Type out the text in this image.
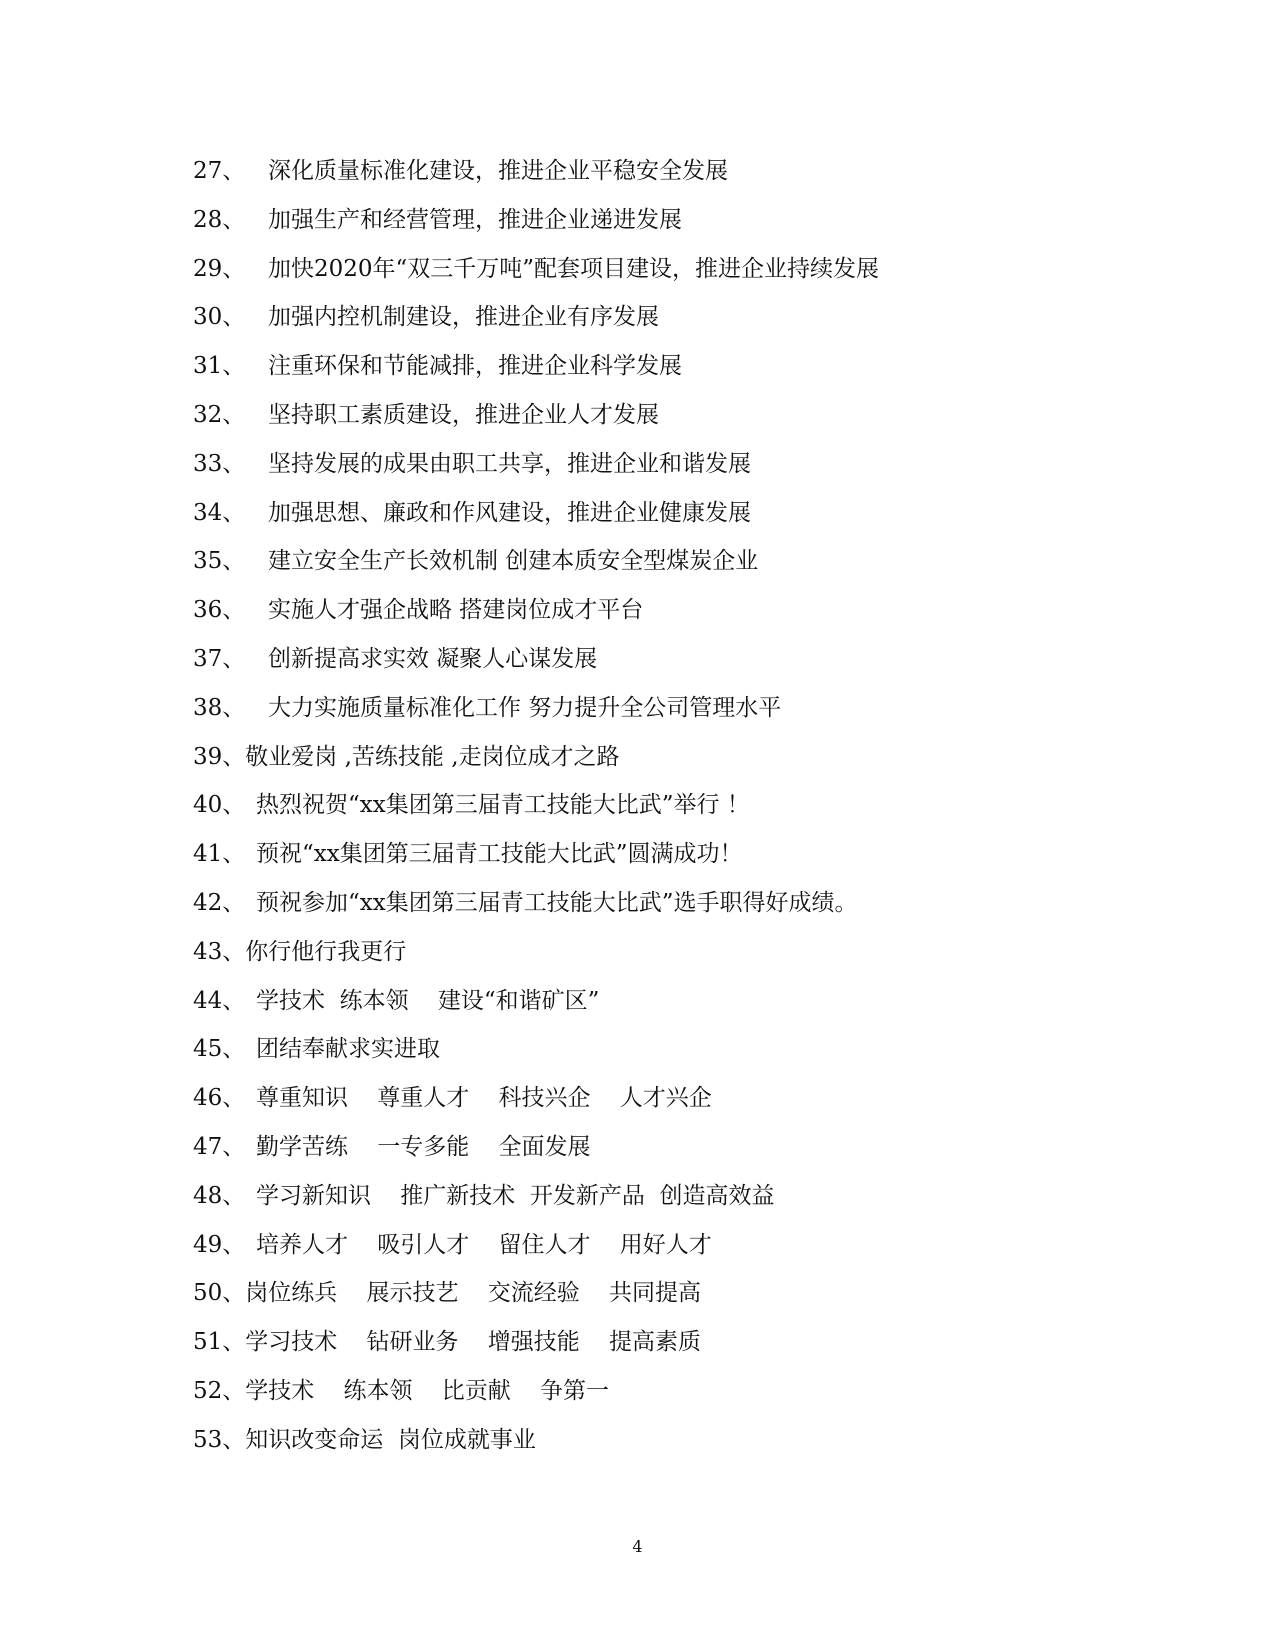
27、 深化质量标准化建设，推进企业平稳安全发展
28、 加强生产和经营管理，推进企业递进发展
29、 加快2020年“双三千万吨”配套项目建设，推进企业持续发展
30、 加强内控机制建设，推进企业有序发展
31、 注重环保和节能减排，推进企业科学发展
32、 坚持职工素质建设，推进企业人才发展
33、 坚持发展的成果由职工共享，推进企业和谐发展
34、 加强思想、廉政和作风建设，推进企业健康发展
35、 建立安全生产长效机制 创建本质安全型煤炭企业
36、 实施人才强企战略 搭建岗位成才平台
37、 创新提高求实效 凝聚人心谋发展
38、 大力实施质量标准化工作 努力提升全公司管理水平
39、 敬业爱岗 ,苦练技能 ,走岗位成才之路
40、 热烈祝贺“xx集团第三届青工技能大比武”举行 ！
41、 预祝“xx集团第三届青工技能大比武”圆满成功！
42、 预祝参加“xx集团第三届青工技能大比武”选手职得好成绩。
43、 你行他行我更行
44、 学技术  练本领    建设“和谐矿区”
45、 团结奉献求实进取
46、 尊重知识    尊重人才    科技兴企    人才兴企
47、 勤学苦练    一专多能    全面发展
48、 学习新知识    推广新技术  开发新产品  创造高效益
49、 培养人才    吸引人才    留住人才    用好人才
50、 岗位练兵    展示技艺    交流经验    共同提高
51、 学习技术    钻研业务    增强技能    提高素质
52、 学技术    练本领    比贡献    争第一
53、 知识改变命运  岗位成就事业
4
